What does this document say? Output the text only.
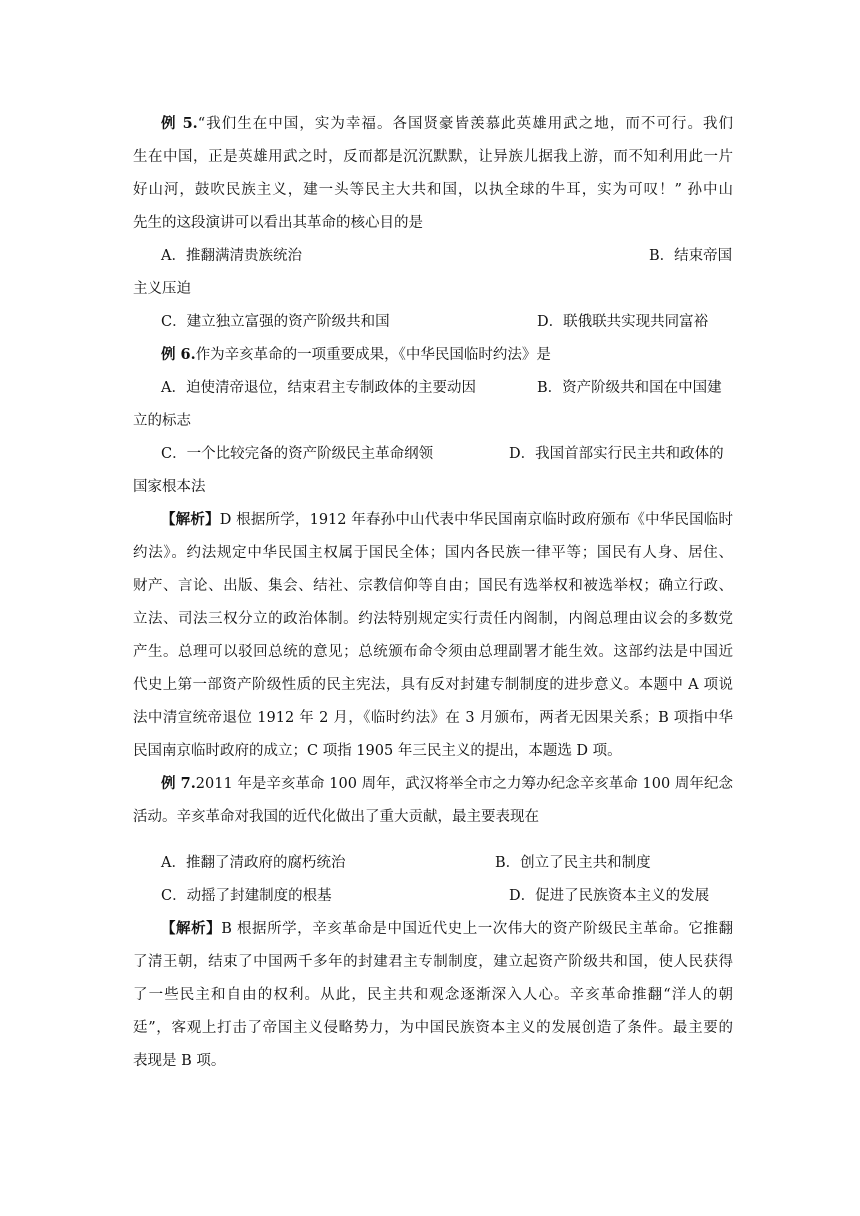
例 5.“我们生在中国，实为幸福。各国贤豪皆羡慕此英雄用武之地，而不可行。我们
生在中国，正是英雄用武之时，反而都是沉沉默默，让异族儿据我上游，而不知利用此一片
好山河，鼓吹民族主义，建一头等民主大共和国，以执全球的牛耳，实为可叹！” 孙中山
先生的这段演讲可以看出其革命的核心目的是
A．推翻满清贵族统治	B．结束帝国
主义压迫
C．建立独立富强的资产阶级共和国	D．联俄联共实现共同富裕
例 6.作为辛亥革命的一项重要成果，《中华民国临时约法》是
A．迫使清帝退位，结束君主专制政体的主要动因	B．资产阶级共和国在中国建
立的标志
C．一个比较完备的资产阶级民主革命纲领	D．我国首部实行民主共和政体的
国家根本法
【解析】D 根据所学，1912 年春孙中山代表中华民国南京临时政府颁布《中华民国临时
约法》。约法规定中华民国主权属于国民全体；国内各民族一律平等；国民有人身、居住、
财产、言论、出版、集会、结社、宗教信仰等自由；国民有选举权和被选举权；确立行政、
立法、司法三权分立的政治体制。约法特别规定实行责任内阁制，内阁总理由议会的多数党
产生。总理可以驳回总统的意见；总统颁布命令须由总理副署才能生效。这部约法是中国近
代史上第一部资产阶级性质的民主宪法，具有反对封建专制制度的进步意义。本题中 A 项说
法中清宣统帝退位 1912 年 2 月，《临时约法》在 3 月颁布，两者无因果关系；B 项指中华
民国南京临时政府的成立；C 项指 1905 年三民主义的提出，本题选 D 项。
例 7.2011 年是辛亥革命 100 周年，武汉将举全市之力筹办纪念辛亥革命 100 周年纪念
活动。辛亥革命对我国的近代化做出了重大贡献，最主要表现在
A．推翻了清政府的腐朽统治	B．创立了民主共和制度
C．动摇了封建制度的根基	D．促进了民族资本主义的发展
【解析】B 根据所学，辛亥革命是中国近代史上一次伟大的资产阶级民主革命。它推翻
了清王朝，结束了中国两千多年的封建君主专制制度，建立起资产阶级共和国，使人民获得
了一些民主和自由的权利。从此，民主共和观念逐渐深入人心。辛亥革命推翻“洋人的朝
廷”，客观上打击了帝国主义侵略势力，为中国民族资本主义的发展创造了条件。最主要的
表现是 B 项。
